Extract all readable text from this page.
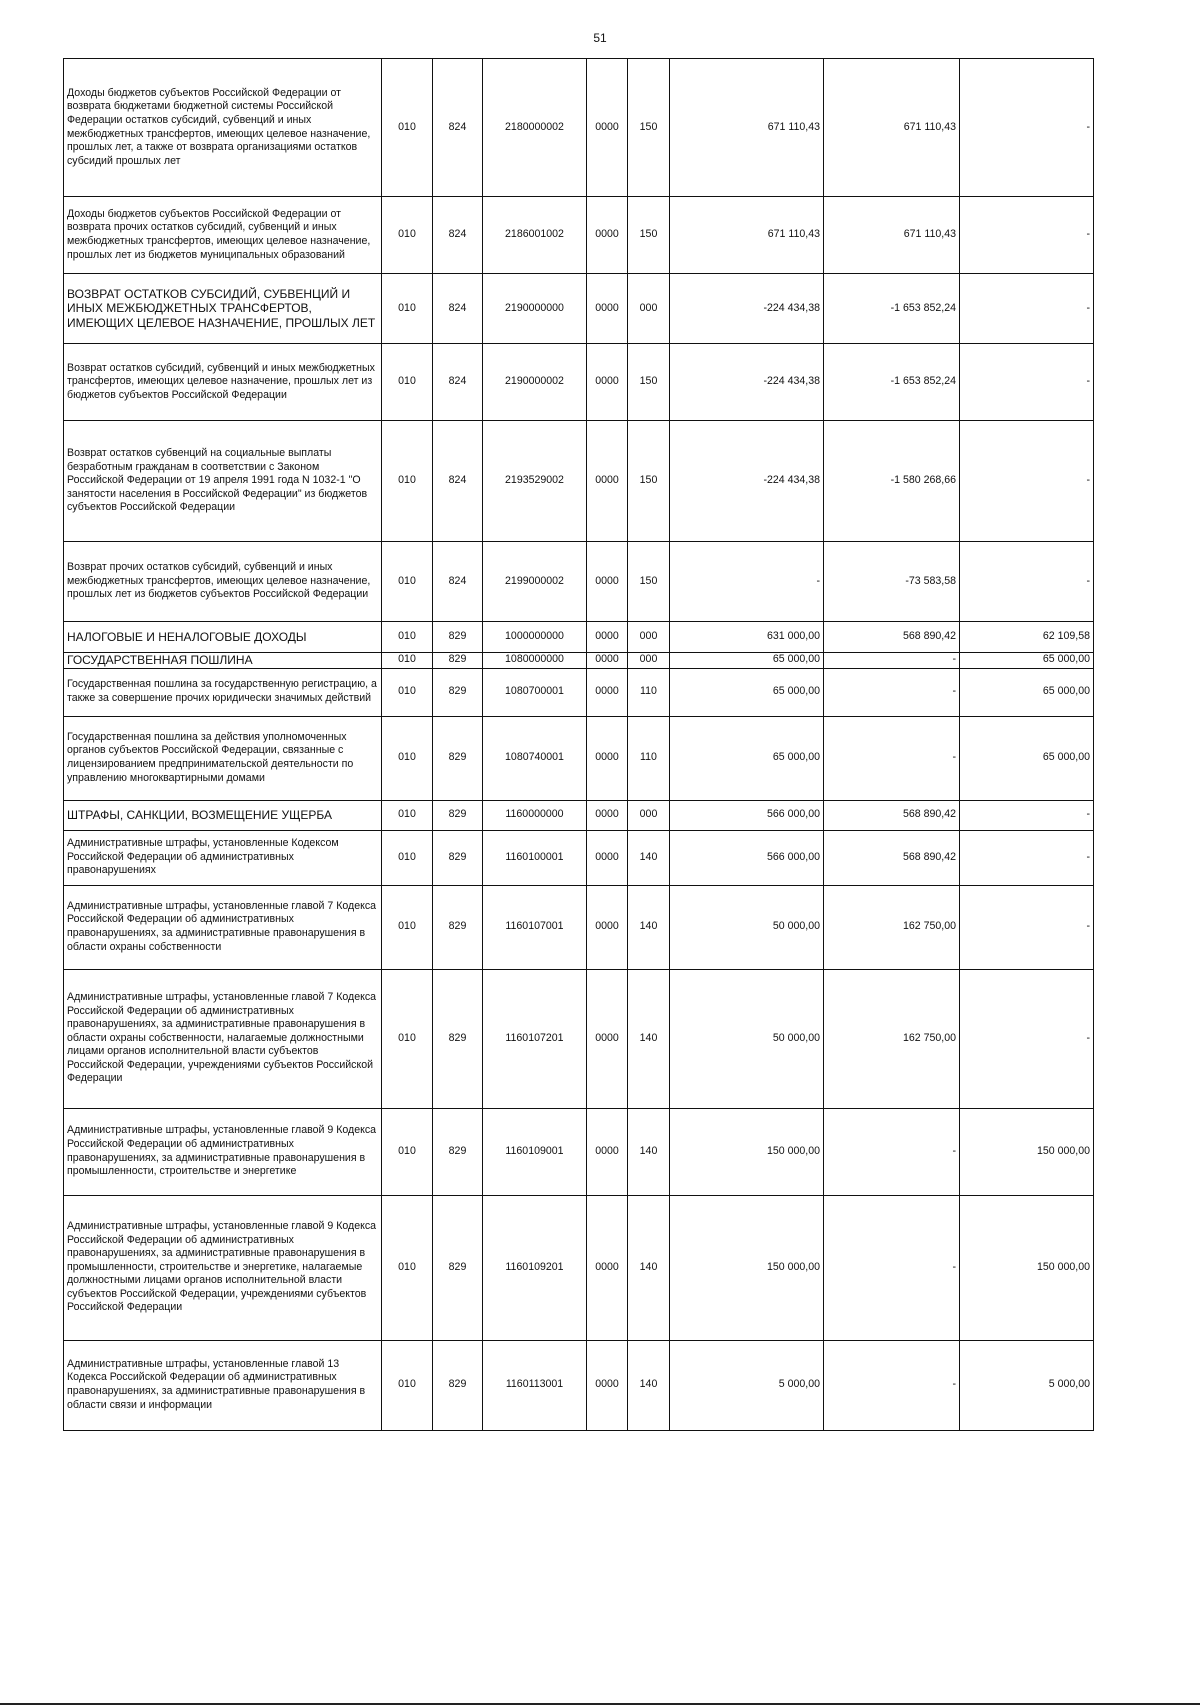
51
Доходы бюджетов субъектов Российской Федерации от возврата бюджетами бюджетной системы Российской Федерации остатков субсидий, субвенций и иных межбюджетных трансфертов, имеющих целевое назначение, прошлых лет, а также от возврата организациями остатков субсидий прошлых лет	010	824	2180000002	0000	150	671 110,43	671 110,43	-
Доходы бюджетов субъектов Российской Федерации от возврата прочих остатков субсидий, субвенций и иных межбюджетных трансфертов, имеющих целевое назначение, прошлых лет из бюджетов муниципальных образований	010	824	2186001002	0000	150	671 110,43	671 110,43	-
ВОЗВРАТ ОСТАТКОВ СУБСИДИЙ, СУБВЕНЦИЙ И ИНЫХ МЕЖБЮДЖЕТНЫХ ТРАНСФЕРТОВ, ИМЕЮЩИХ ЦЕЛЕВОЕ НАЗНАЧЕНИЕ, ПРОШЛЫХ ЛЕТ	010	824	2190000000	0000	000	-224 434,38	-1 653 852,24	-
Возврат остатков субсидий, субвенций и иных межбюджетных трансфертов, имеющих целевое назначение, прошлых лет из бюджетов субъектов Российской Федерации	010	824	2190000002	0000	150	-224 434,38	-1 653 852,24	-
Возврат остатков субвенций на социальные выплаты безработным гражданам в соответствии с Законом Российской Федерации от 19 апреля 1991 года N 1032-1 "О занятости населения в Российской Федерации" из бюджетов субъектов Российской Федерации	010	824	2193529002	0000	150	-224 434,38	-1 580 268,66	-
Возврат прочих остатков субсидий, субвенций и иных межбюджетных трансфертов, имеющих целевое назначение, прошлых лет из бюджетов субъектов Российской Федерации	010	824	2199000002	0000	150	-	-73 583,58	-
НАЛОГОВЫЕ И НЕНАЛОГОВЫЕ ДОХОДЫ	010	829	1000000000	0000	000	631 000,00	568 890,42	62 109,58
ГОСУДАРСТВЕННАЯ ПОШЛИНА	010	829	1080000000	0000	000	65 000,00	-	65 000,00
Государственная пошлина за государственную регистрацию, а также за совершение прочих юридически значимых действий	010	829	1080700001	0000	110	65 000,00	-	65 000,00
Государственная пошлина за действия уполномоченных органов субъектов Российской Федерации, связанные с лицензированием предпринимательской деятельности по управлению многоквартирными домами	010	829	1080740001	0000	110	65 000,00	-	65 000,00
ШТРАФЫ, САНКЦИИ, ВОЗМЕЩЕНИЕ УЩЕРБА	010	829	1160000000	0000	000	566 000,00	568 890,42	-
Административные штрафы, установленные Кодексом Российской Федерации об административных правонарушениях	010	829	1160100001	0000	140	566 000,00	568 890,42	-
Административные штрафы, установленные главой 7 Кодекса Российской Федерации об административных правонарушениях, за административные правонарушения в области охраны собственности	010	829	1160107001	0000	140	50 000,00	162 750,00	-
Административные штрафы, установленные главой 7 Кодекса Российской Федерации об административных правонарушениях, за административные правонарушения в области охраны собственности, налагаемые должностными лицами органов исполнительной власти субъектов Российской Федерации, учреждениями субъектов Российской Федерации	010	829	1160107201	0000	140	50 000,00	162 750,00	-
Административные штрафы, установленные главой 9 Кодекса Российской Федерации об административных правонарушениях, за административные правонарушения в промышленности, строительстве и энергетике	010	829	1160109001	0000	140	150 000,00	-	150 000,00
Административные штрафы, установленные главой 9 Кодекса Российской Федерации об административных правонарушениях, за административные правонарушения в промышленности, строительстве и энергетике, налагаемые должностными лицами органов исполнительной власти субъектов Российской Федерации, учреждениями субъектов Российской Федерации	010	829	1160109201	0000	140	150 000,00	-	150 000,00
Административные штрафы, установленные главой 13 Кодекса Российской Федерации об административных правонарушениях, за административные правонарушения в области связи и информации	010	829	1160113001	0000	140	5 000,00	-	5 000,00
